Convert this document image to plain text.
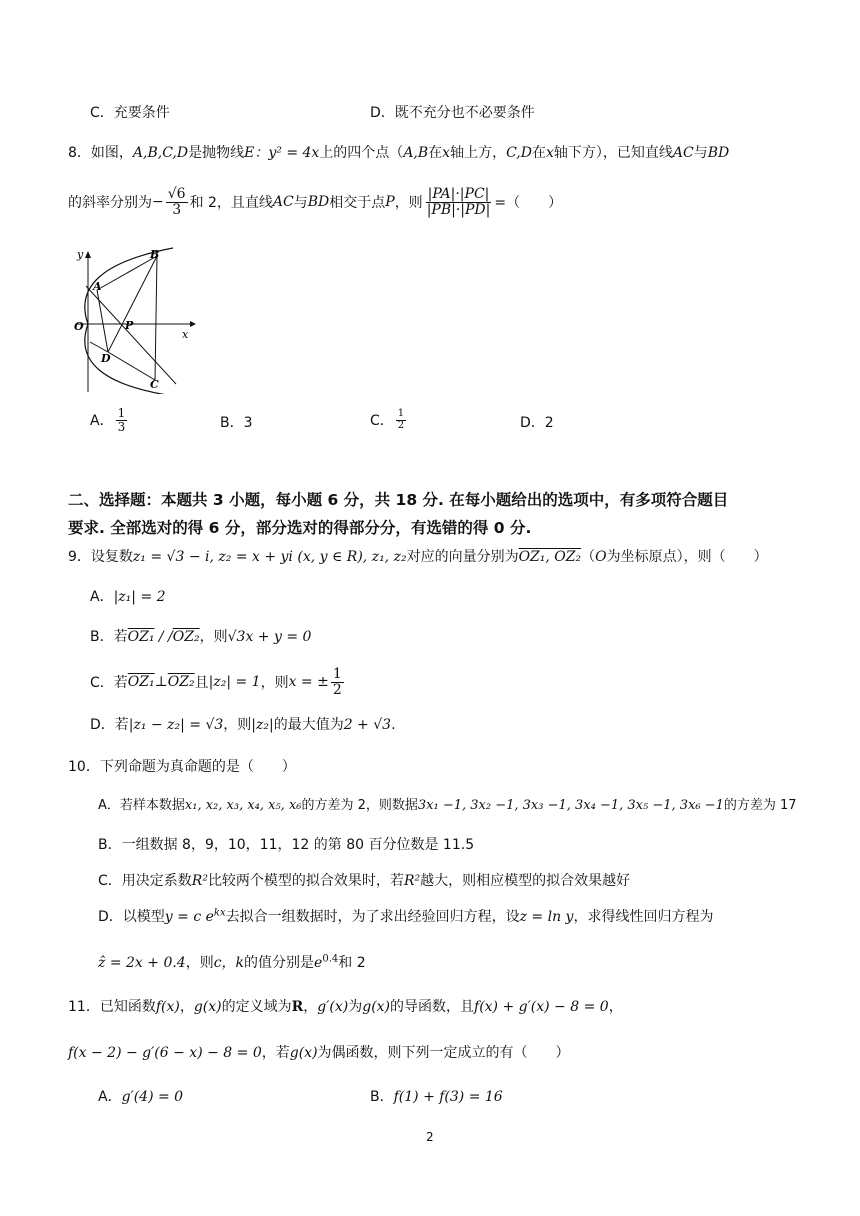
C．充要条件	D．既不充分也不必要条件
8．如图，A,B,C,D是抛物线E：y² = 4x上的四个点（A,B在x轴上方，C,D在x轴下方），已知直线AC与BD
的斜率分别为 − $\frac{√6}{3}$ 和 2，且直线 AC 与 BD 相交于点 P ，则 $\frac{|PA|\cdot|PC|}{|PB|\cdot|PD|}$ =（　　）
y
x
O
A
B
C
D
P
A． $\frac{1}{3}$	B．3	C． $\frac{1}{2}$	D．2
二、选择题：本题共 3 小题，每小题 6 分，共 18 分. 在每小题给出的选项中，有多项符合题目
要求. 全部选对的得 6 分，部分选对的得部分分，有选错的得 0 分.
9．设复数z₁ = √3 − i, z₂ = x + yi (x, y ∈ R), z₁, z₂对应的向量分别为OZ₁, OZ₂（O为坐标原点），则（　　）
A．|z₁| = 2
B．若OZ₁ / /OZ₂，则√3x + y = 0
C．若 OZ₁ ⊥ OZ₂ 且 |z₂| = 1 ，则 x = ± $\frac{1}{2}$
D．若|z₁ − z₂| = √3，则|z₂|的最大值为2 + √3.
10．下列命题为真命题的是（　　）
A．若样本数据x₁, x₂, x₃, x₄, x₅, x₆的方差为 2，则数据3x₁ −1, 3x₂ −1, 3x₃ −1, 3x₄ −1, 3x₅ −1, 3x₆ −1的方差为 17
B．一组数据 8，9，10，11，12 的第 80 百分位数是 11.5
C．用决定系数R²比较两个模型的拟合效果时，若R²越大，则相应模型的拟合效果越好
D．以模型y = c $e^{kx}$去拟合一组数据时，为了求出经验回归方程，设z = ln y，求得线性回归方程为
ẑ = 2x + 0.4，则c，k的值分别是$e^{0.4}$和 2
11．已知函数f(x)，g(x)的定义域为R，g′(x)为g(x)的导函数，且f(x) + g′(x) − 8 = 0，
f(x − 2) − g′(6 − x) − 8 = 0，若g(x)为偶函数，则下列一定成立的有（　　）
A．g′(4) = 0	B．f(1) + f(3) = 16
2
